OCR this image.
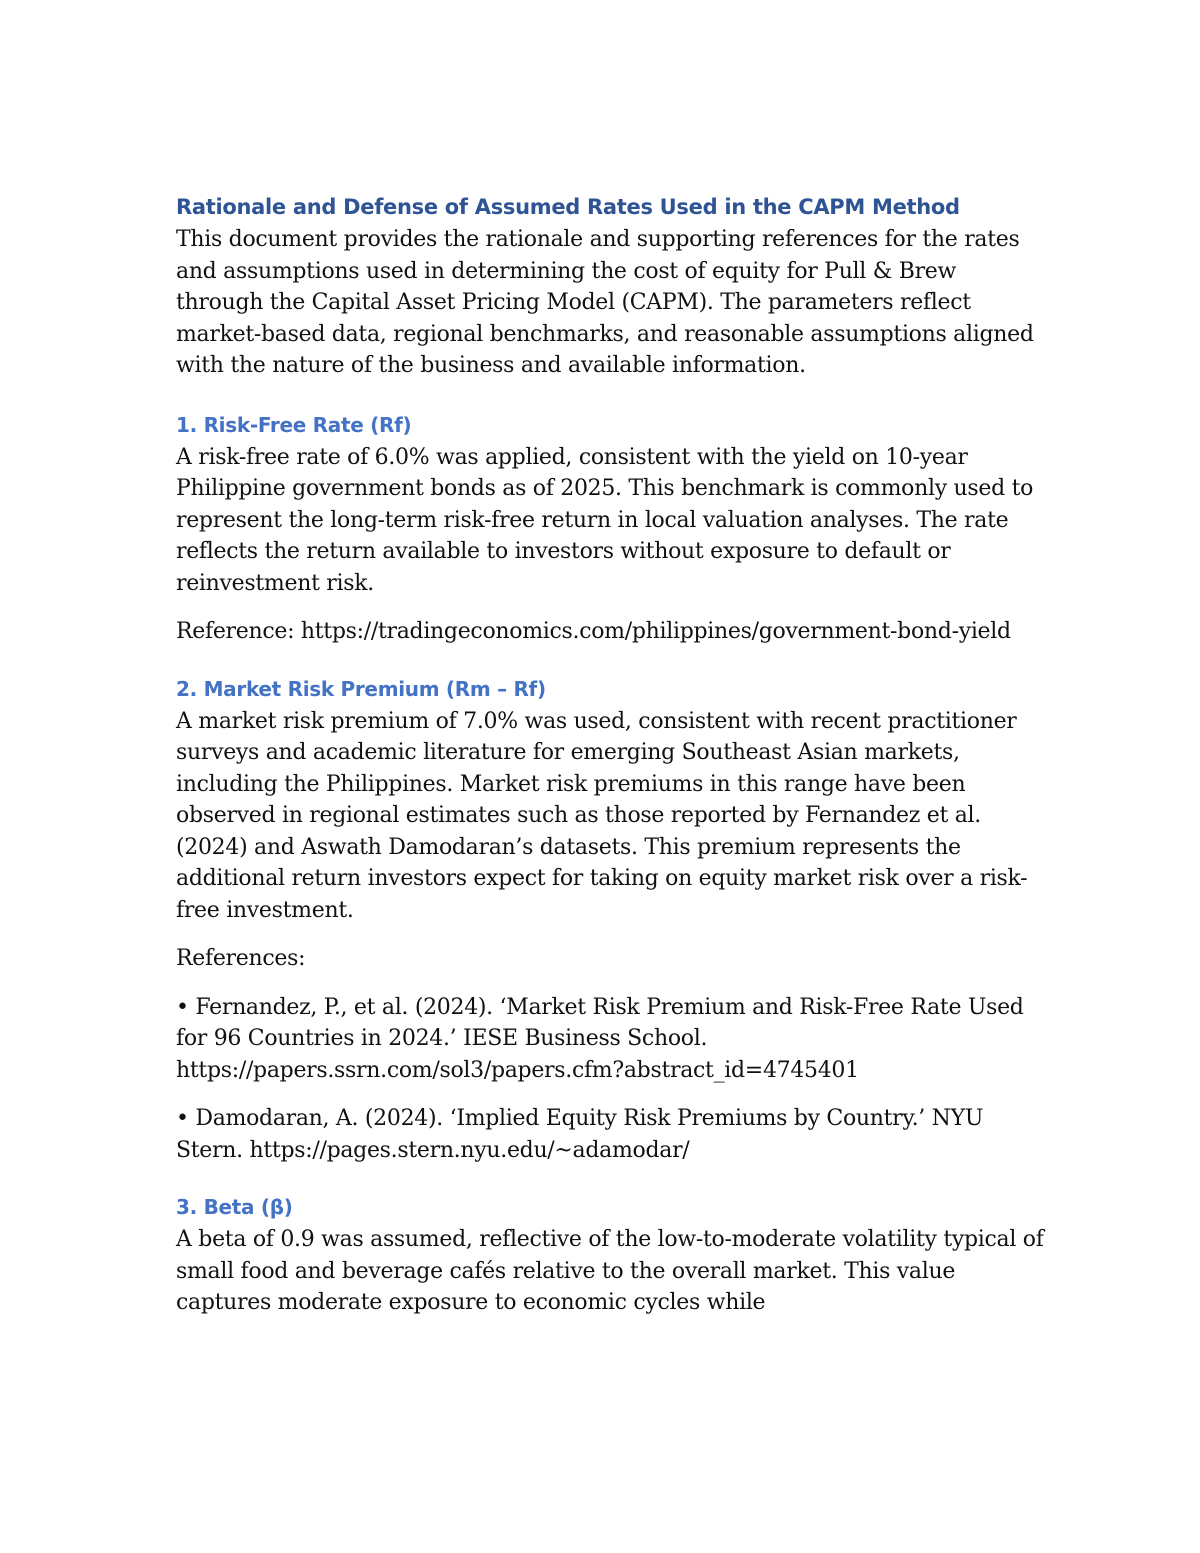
Rationale and Defense of Assumed Rates Used in the CAPM Method

This document provides the rationale and supporting references for the rates and assumptions used in determining the cost of equity for Pull & Brew through the Capital Asset Pricing Model (CAPM). The parameters reflect market-based data, regional benchmarks, and reasonable assumptions aligned with the nature of the business and available information.

1. Risk-Free Rate (Rf)

A risk-free rate of 6.0% was applied, consistent with the yield on 10-year Philippine government bonds as of 2025. This benchmark is commonly used to represent the long-term risk-free return in local valuation analyses. The rate reflects the return available to investors without exposure to default or reinvestment risk.

Reference: https://tradingeconomics.com/philippines/government-bond-yield

2. Market Risk Premium (Rm – Rf)

A market risk premium of 7.0% was used, consistent with recent practitioner surveys and academic literature for emerging Southeast Asian markets, including the Philippines. Market risk premiums in this range have been observed in regional estimates such as those reported by Fernandez et al. (2024) and Aswath Damodaran’s datasets. This premium represents the additional return investors expect for taking on equity market risk over a risk-free investment.

References:

• Fernandez, P., et al. (2024). ‘Market Risk Premium and Risk-Free Rate Used for 96 Countries in 2024.’ IESE Business School. https://papers.ssrn.com/sol3/papers.cfm?abstract_id=4745401

• Damodaran, A. (2024). ‘Implied Equity Risk Premiums by Country.’ NYU Stern. https://pages.stern.nyu.edu/~adamodar/

3. Beta (β)

A beta of 0.9 was assumed, reflective of the low-to-moderate volatility typical of small food and beverage cafés relative to the overall market. This value captures moderate exposure to economic cycles while
